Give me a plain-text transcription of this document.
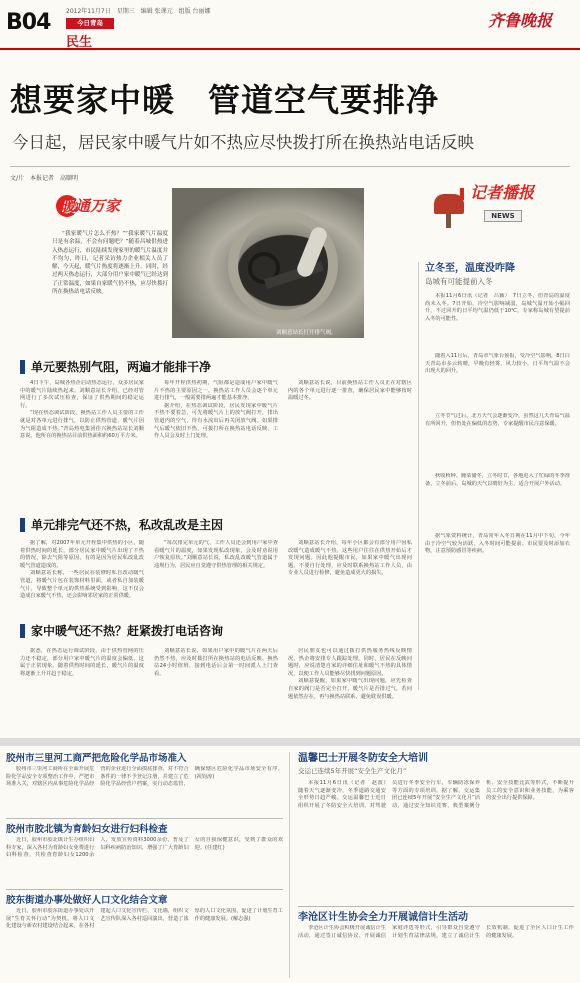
B04	2012年11月7日　星期三　编辑 张课元　组版 台丽娜
今日青岛
民生
齐鲁晚报
想要家中暖　管道空气要排净
今日起，居民家中暖气片如不热应尽快拨打所在换热站电话反映
文/片　本报记者　高顺明
暖通万家
“我家暖气片怎么不热？”“我家暖气片温度只是有余温，不会有问题吧？”随着昌城供热进入热态运行，市民陆续发现家里的暖气片温度并不均匀，昨日，记者采访热力企业相关人员了解，今天起，暖气片热度将逐渐上升。同时，经过两天热态运行，大部分用户家中暖气已经达到了正常温度，如果自家暖气仍不热，应尽快拨打所在换热站电话反映。
刘顺意站长打开排气阀。
记者播报
NEWS
立冬至，温度没咋降
岛城有可能提前入冬

本报11月6日讯（记者　吕颖）　7日立冬，但青岛的温度尚未入冬。7日开始，冷空气影响减弱，岛城气温开始小幅回升，不过回升的日平均气温仍低于10℃，专家称岛城有望提前入冬的可能性。

随着入11月后，青岛市气象台预报，受冷空气影响，8日白天青岛市多云转晴，早晚有轻雾，风力较小，日平均气温不会出现大的回升。

立冬节气过后，北方天气会逐渐变冷，虽然这几天青岛气温有所回升，但仍处在偏低的态势，专家提醒市民注意保暖。

秋收秋种、腌菜储冬，立冬时节，各地进入了忙碌的冬季准备，立冬前后，岛城的天气以晴好为主，适合开展户外活动。

据气象资料统计，青岛常年入冬日期在11月中下旬，今年由于冷空气较为活跃，入冬时间可能提前。市民要及时添加衣物，注意预防感冒等疾病。

单元要热别气阻，两遍才能排干净

4日下午，岛城各热企启动热态运行，众多居民家中的暖气片陆续热起来。刘顺意站长介绍，已经对管网进行了多次试压检查，保证了供热期间的稳定运行。

“现在热态调试阶段，换热站工作人员主要的工作就是对各单元进行排气，以防止供热管道、暖气片因为气阻造成不热。”青岛热电集团佳兴换热站站长刘顺意说，他所在的换热站目前供热面积约60万平方米。

每年开栓供热初期，气阻都是造成用户家中暖气片不热的主要原因之一。换热站工作人员会逐个单元进行排气，一般需要排两遍才能基本排净。

据介绍，在热态调试阶段，居民发现家中暖气片不热不要着急，可先将暖气片上的放气阀打开，排出管道内的空气，待有水流出后再关闭放气阀。如果排气后暖气依旧不热，可拨打所在换热站电话反映，工作人员会及时上门处理。

刘顺意站长说，目前换热站工作人员正在对辖区内的各个单元进行逐一排查，确保居民家中能够按时温暖过冬。

单元排完气还不热，私改乱改是主因

据了解，对2007年单元开栓集中供热的小区，随着供热时间的延长，部分居民家中暖气片出现了不热的情况，除去气阻等原因，有的是因为居民私改乱改暖气管道造成的。

刘顺意站长称，一些居民在装修时私自改动暖气管道，将暖气片包在装饰材料里面，或者私自加装暖气片，导致整个单元的供热系统受到影响，这不仅会造成自家暖气不热，还会影响邻居家的正常供暖。

“每次排完单元的气，工作人员还会到用户家中查看暖气片的温度，如果发现私改现象，会及时劝说用户恢复原状。”刘顺意站长说，私改乱改暖气管道属于违规行为，居民应自觉遵守供热管理的相关规定。

刘顺意站长介绍，每年小区都会有部分用户因私改暖气造成暖气不热，这些用户往往在供热开始后才发现问题。因此他提醒市民，如果家中暖气出现问题，不要自行处理，应及时联系换热站工作人员，由专业人员进行检修，避免造成更大的损失。

家中暖气还不热？赶紧拨打电话咨询

据悉，在热态运行调试阶段，由于供热管网的压力还不稳定，部分用户家中暖气片的温度会偏低，这属于正常现象。随着供热时间的延长，暖气片的温度将逐渐上升并趋于稳定。

刘顺意站长说，如果用户家中的暖气片在两天后仍然不热，应及时拨打所在换热站的电话反映。换热站24小时值班，接到电话后会第一时间派人上门查看。

居民朋友也可以通过拨打供热服务热线反映情况，热企将安排专人跟踪处理。同时，居民在反映问题时，应说清楚自家的详细住址和暖气不热的具体情况，以便工作人员能够尽快找到问题原因。

刘顺意提醒，如果家中暖气出现问题，应先检查自家的阀门是否完全打开，暖气片是否排过气，若问题依然存在，再与换热站联系，避免耽误供暖。

胶州市三里河工商严把危险化学品市场准入

胶州市三里河工商所在全面开展危险化学品安全专项整治工作中，严把市场准入关，对辖区内从事危险化学品经营的企业进行全面摸底排查，对不符合条件的一律不予登记注册，并建立了危险化学品经营户档案，实行动态监管，确保辖区危险化学品市场安全有序。(祝钧涛)

胶州市胶北镇为育龄妇女进行妇科检查

近日，胶州市胶北镇计生办组织妇科专家，深入各村为育龄妇女免费进行妇科检查，共检查育龄妇女1200余人，发放宣传资料3000余份，普及了妇科疾病防治知识，增强了广大育龄妇女的自我保健意识，受到了群众的欢迎。(任建红)

胶东街道办事处做好人口文化结合文章

近日，胶州市胶东街道办事处以开展“生育关怀行动”为契机，将人口文化建设与新农村建设结合起来，在各村建起人口文化宣传栏、文化墙，组织文艺宣传队深入各村巡回演出，营造了浓厚的人口文化氛围，促进了计划生育工作的健康发展。(解志强)

温馨巴士开展冬防安全大培训
交运已连续5年开展“安全生产文化月”

本报11月6日讯（记者　赵波）　随着天气逐渐变冷，冬季道路交通安全形势日趋严峻。交运温馨巴士近日组织开展了冬防安全大培训，对驾驶员进行冬季安全行车、车辆防冻保养等方面的专项培训。据了解，交运集团已连续5年开展“安全生产文化月”活动，通过安全知识竞赛、典型案例分析、安全技能比武等形式，不断提升员工的安全意识和业务技能，为乘客的安全出行提供保障。

李沧区计生协会全力开展诚信计生活动

李沧区计生协会积极开展诚信计生活动，通过签订诚信协议、开展诚信家庭评选等形式，引导群众自觉遵守计划生育法律法规，建立了诚信计生长效机制，促进了全区人口计生工作的健康发展。
